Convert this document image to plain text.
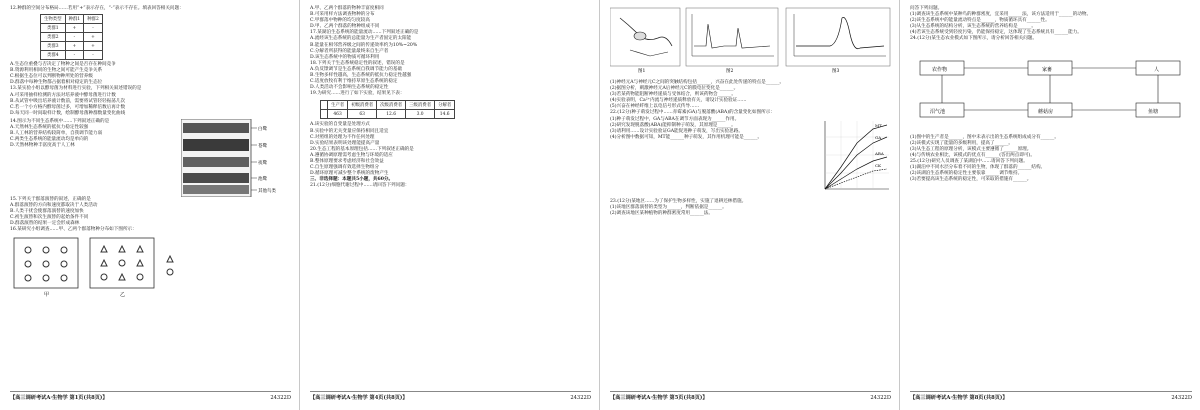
12.种群的空间分布格局……若用“+”表示存在，“-”表示不存在。填表回答相关问题：

生物类型	种群1	种群2
类群1	+	-
类群2	-	+
类群3	+	+
类群4	-	-

A.生态位重叠与否决定了物种之间是否存在种间竞争

B.资源利用相同的生物之间可能产生竞争关系

C.根据生态位可以判断物种所处的营养级

D.群落中每种生物都占据着相对稳定的生态位

13.某实验小组以酵母菌为材料进行实验，下列相关叙述错误的是

A.可采用抽样检测的方法对培养液中酵母菌进行计数

B.从试管中吸出培养液计数前，需要将试管轻轻振荡几次

C.若一个小方格内酵母菌过多，可增加稀释倍数后再计数

D.每天同一时间取样计数，绘制酵母菌种群数量变化曲线

14.图示为不同生态系统中……下列叙述正确的是

A.天然林生态系统的抵抗力稳定性较强

B.人工林的营养结构较简单，自我调节能力弱

C.两类生态系统的能量流动均是单向的

D.天然林物种丰富度高于人工林

白鹭
苍鹭
夜鹭
池鹭
其他鸟类

15.下列关于群落演替的叙述，正确的是

A.群落演替的方向和速度都取决于人类活动

B.人类干扰会使群落演替的速度加快

C.初生演替和次生演替的起始条件不同

D.群落演替的结果一定会形成森林

16.某研究小组调查……甲、乙两个群落物种分布如下图所示：

甲	乙
【高三调研考试A·生物学 第1页(共8页)】	24322D

A.甲、乙两个群落的物种丰富度相同

B.可采用样方法调查物种的分布

C.甲群落中物种的均匀度较高

D.甲、乙两个群落的物种组成不同

17.某湖泊生态系统的能量流动……下列叙述正确的是

A.流经该生态系统的总能量为生产者固定的太阳能

B.能量在相邻营养级之间的传递效率约为10%~20%

C.分解者所获得的能量最终来自生产者

D.该生态系统中的物质可循环利用

18.下列关于生态系统稳定性的叙述，错误的是

A.负反馈调节是生态系统自我调节能力的基础

B.生物多样性越高，生态系统的抵抗力稳定性越强

C.适度放牧有利于维持草原生态系统的稳定

D.人类活动不会影响生态系统的稳定性

19.为研究……进行了如下实验，结果见下表：

	生产者	初级消费者	次级消费者	三级消费者	分解者
	463	63	12.6	3.0	14.6

A.该实验的自变量是处理方式

B.实验中的无关变量应保持相同且适宜

C.对照组的处理为不作任何处理

D.实验结果表明该处理能提高产量

20.生态工程的基本原理包括……下列叙述正确的是

A.遵循协调原理需考虑生物与环境的适应

B.整体原理要求考虑经济和社会效益

C.自生原理强调有效选择生物组分

D.循环原理可减少整个系统的废物产生

三、非选择题：本题共5小题，共60分。

21.(12分)细胞代谢过程中……请回答下列问题：

【高三调研考试A·生物学 第4页(共8页)】	24322D
图1	图2	图3

(1)神经元A与神经元C之间的突触结构包括______，兴奋在此处传递的特点是______。

(2)据图分析，刺激神经元A后神经元C的膜电位变化是______。

(3)若某药物能阻断神经递质与受体结合，则该药物会______。

(4)实验表明，Ca²⁺内流与神经递质释放有关，请设计实验验证……

(5)兴奋在神经纤维上以电信号形式传导……

22.(12分)种子萌发过程中……赤霉素(GA)与脱落酸(ABA)的含量变化如图所示：

(1)种子萌发过程中，GA与ABA在调节方面表现为______作用。

(2)研究发现脱落酸(ABA)能抑制种子萌发，其原理是______。

(3)请利用……设计实验验证GA能促进种子萌发，写出实验思路。

(4)分析图中数据可知，MT能______种子萌发，其作用机理可能是______。

MT
GA
ABA
CK

23.(12分)某地区……为了保护生物多样性，实施了退耕还林措施。

(1)该地区群落演替的类型为______，判断依据是______。

(2)调查该地区某种植物的种群密度常用______法。

【高三调研考试A·生物学 第5页(共8页)】	24322D

问答下列问题。

(1)调查该生态系统中某种鸟的种群密度，宜采用______法，该方法适用于______的动物。

(2)该生态系统中的能量流动特点是______，物质循环具有______性。

(3)从生态系统的结构分析，该生态系统的营养结构是______。

(4)若该生态系统受到轻度污染，仍能保持稳定，这体现了生态系统具有______能力。

24.(12分)某生态农业模式如下图所示，请分析回答相关问题。

农作物	家畜	人
沼气池	蘑菇房	鱼塘

(1)图中的生产者是______，图中未表示出的生态系统组成成分有______。

(2)该模式实现了能量的多级利用，提高了______。

(3)从生态工程的原理分析，该模式主要遵循了______原理。

(4)与传统农业相比，该模式的优点有______(答出两点即可)。

25.(12分)研究人员调查了某湖泊中……请回答下列问题。

(1)湖泊中不同水层分布着不同的生物，体现了群落的______结构。

(2)该湖泊生态系统的稳定性主要依靠______调节维持。

(3)若要提高该生态系统的稳定性，可采取的措施有______。

【高三调研考试A·生物学 第8页(共8页)】	24322D
